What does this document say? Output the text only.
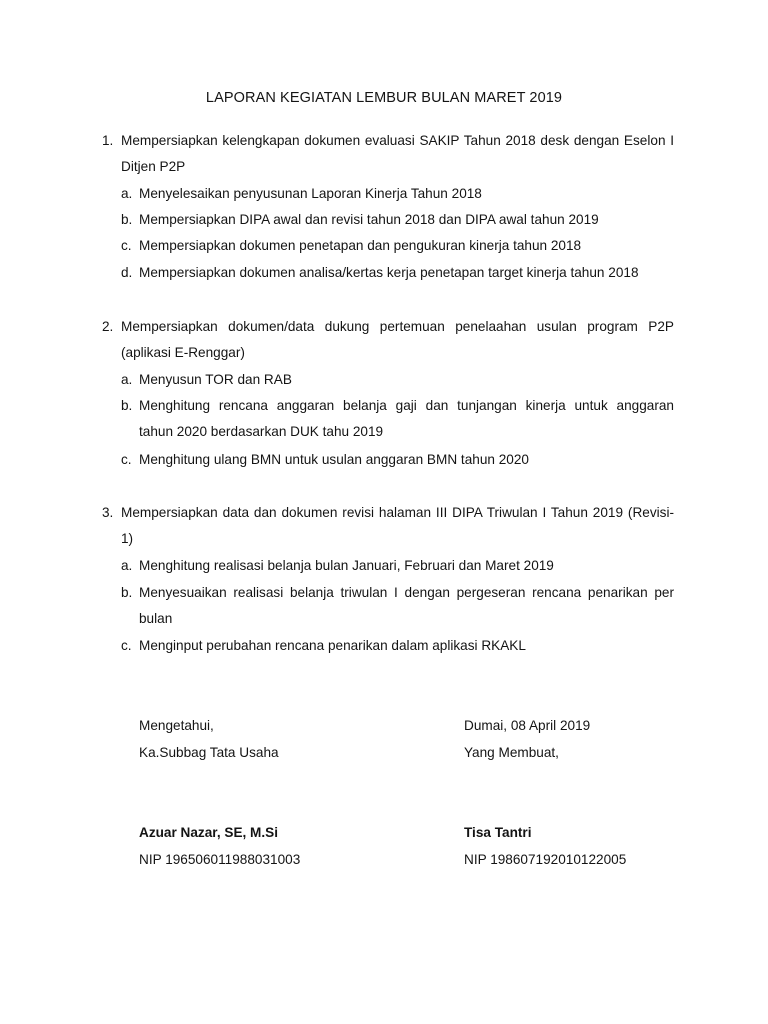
LAPORAN KEGIATAN LEMBUR BULAN MARET 2019
1. Mempersiapkan kelengkapan dokumen evaluasi SAKIP Tahun 2018 desk dengan Eselon I
Ditjen P2P
a. Menyelesaikan penyusunan Laporan Kinerja Tahun 2018
b. Mempersiapkan DIPA awal dan revisi tahun 2018 dan DIPA awal tahun 2019
c. Mempersiapkan dokumen penetapan dan pengukuran kinerja tahun 2018
d. Mempersiapkan dokumen analisa/kertas kerja penetapan target kinerja tahun 2018
2. Mempersiapkan dokumen/data dukung pertemuan penelaahan usulan program P2P
(aplikasi E-Renggar)
a. Menyusun TOR dan RAB
b. Menghitung rencana anggaran belanja gaji dan tunjangan kinerja untuk anggaran
tahun 2020 berdasarkan DUK tahu 2019
c. Menghitung ulang BMN untuk usulan anggaran BMN tahun 2020
3. Mempersiapkan data dan dokumen revisi halaman III DIPA Triwulan I Tahun 2019 (Revisi-
1)
a. Menghitung realisasi belanja bulan Januari, Februari dan Maret 2019
b. Menyesuaikan realisasi belanja triwulan I dengan pergeseran rencana penarikan per
bulan
c. Menginput perubahan rencana penarikan dalam aplikasi RKAKL
Mengetahui,
Ka.Subbag Tata Usaha
Azuar Nazar, SE, M.Si
NIP 196506011988031003
Dumai, 08 April 2019
Yang Membuat,
Tisa Tantri
NIP 198607192010122005
